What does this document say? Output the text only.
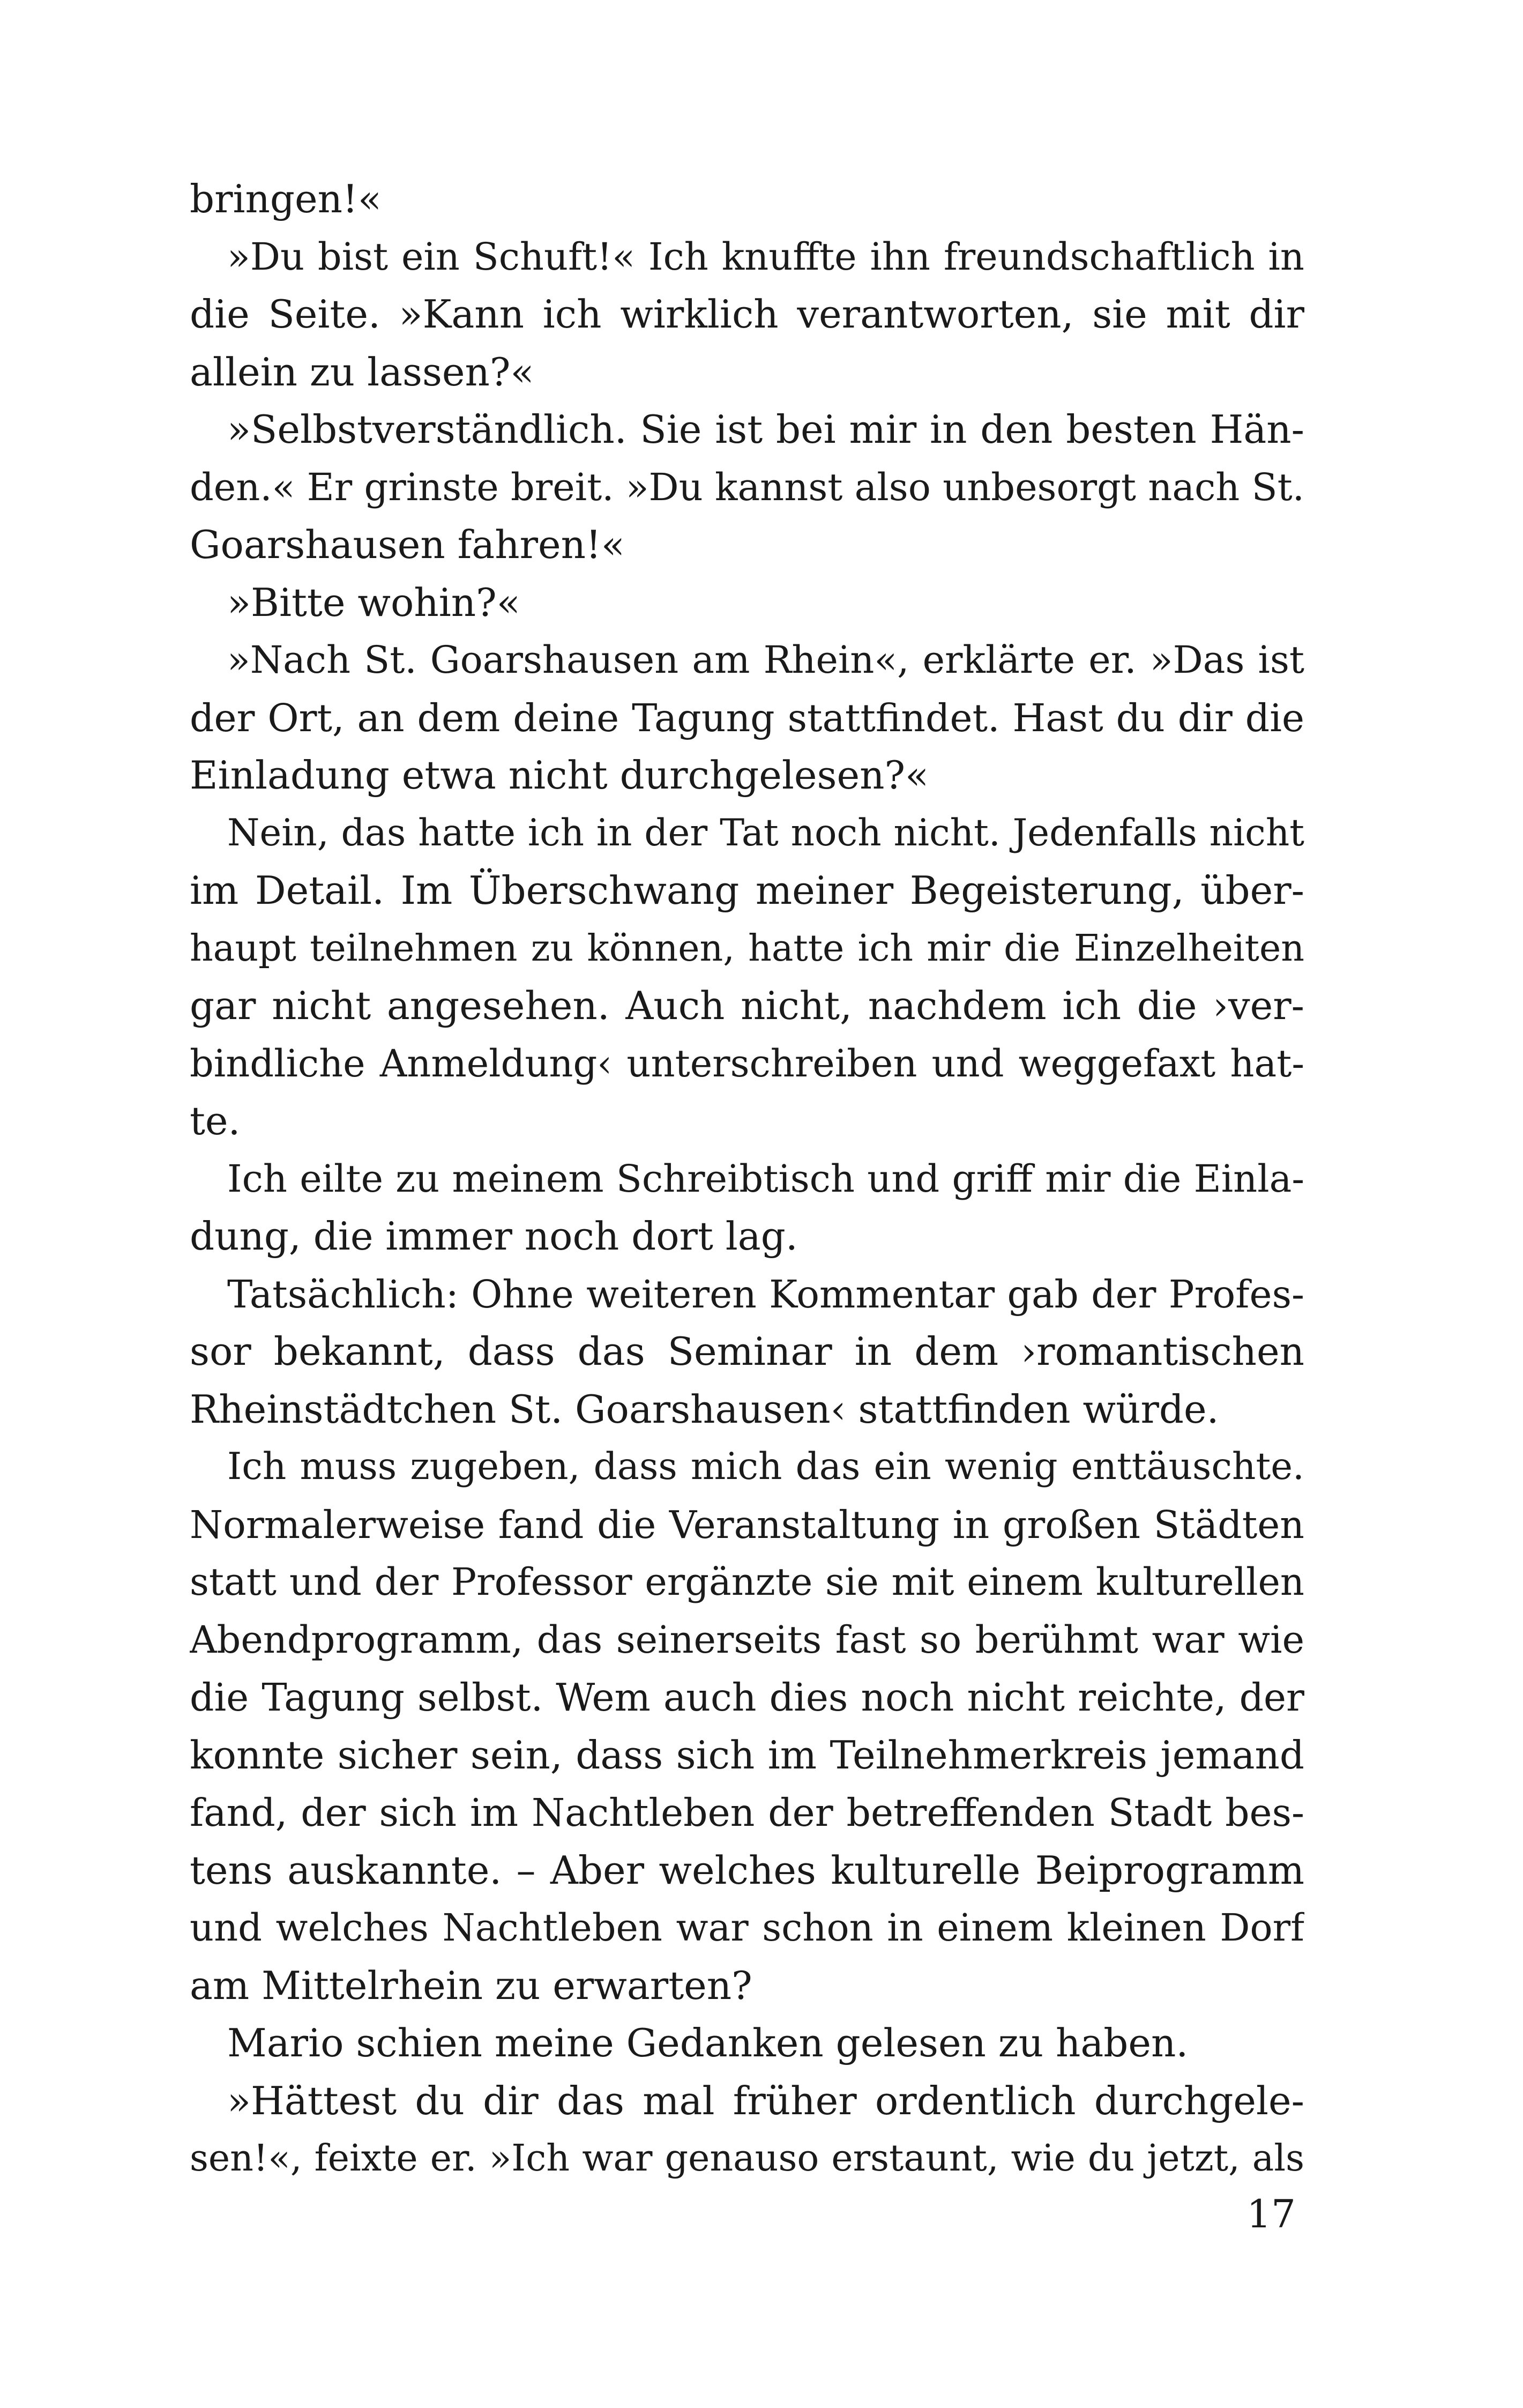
bringen!«
»Du bist ein Schuft!« Ich knuffte ihn freundschaftlich in
die Seite. »Kann ich wirklich verantworten, sie mit dir
allein zu lassen?«
»Selbstverständlich. Sie ist bei mir in den besten Hän-
den.« Er grinste breit. »Du kannst also unbesorgt nach St.
Goarshausen fahren!«
»Bitte wohin?«
»Nach St. Goarshausen am Rhein«, erklärte er. »Das ist
der Ort, an dem deine Tagung stattfindet. Hast du dir die
Einladung etwa nicht durchgelesen?«
Nein, das hatte ich in der Tat noch nicht. Jedenfalls nicht
im Detail. Im Überschwang meiner Begeisterung, über-
haupt teilnehmen zu können, hatte ich mir die Einzelheiten
gar nicht angesehen. Auch nicht, nachdem ich die ›ver-
bindliche Anmeldung‹ unterschreiben und weggefaxt hat-
te.
Ich eilte zu meinem Schreibtisch und griff mir die Einla-
dung, die immer noch dort lag.
Tatsächlich: Ohne weiteren Kommentar gab der Profes-
sor bekannt, dass das Seminar in dem ›romantischen
Rheinstädtchen St. Goarshausen‹ stattfinden würde.
Ich muss zugeben, dass mich das ein wenig enttäuschte.
Normalerweise fand die Veranstaltung in großen Städten
statt und der Professor ergänzte sie mit einem kulturellen
Abendprogramm, das seinerseits fast so berühmt war wie
die Tagung selbst. Wem auch dies noch nicht reichte, der
konnte sicher sein, dass sich im Teilnehmerkreis jemand
fand, der sich im Nachtleben der betreffenden Stadt bes-
tens auskannte. – Aber welches kulturelle Beiprogramm
und welches Nachtleben war schon in einem kleinen Dorf
am Mittelrhein zu erwarten?
Mario schien meine Gedanken gelesen zu haben.
»Hättest du dir das mal früher ordentlich durchgele-
sen!«, feixte er. »Ich war genauso erstaunt, wie du jetzt, als
17
